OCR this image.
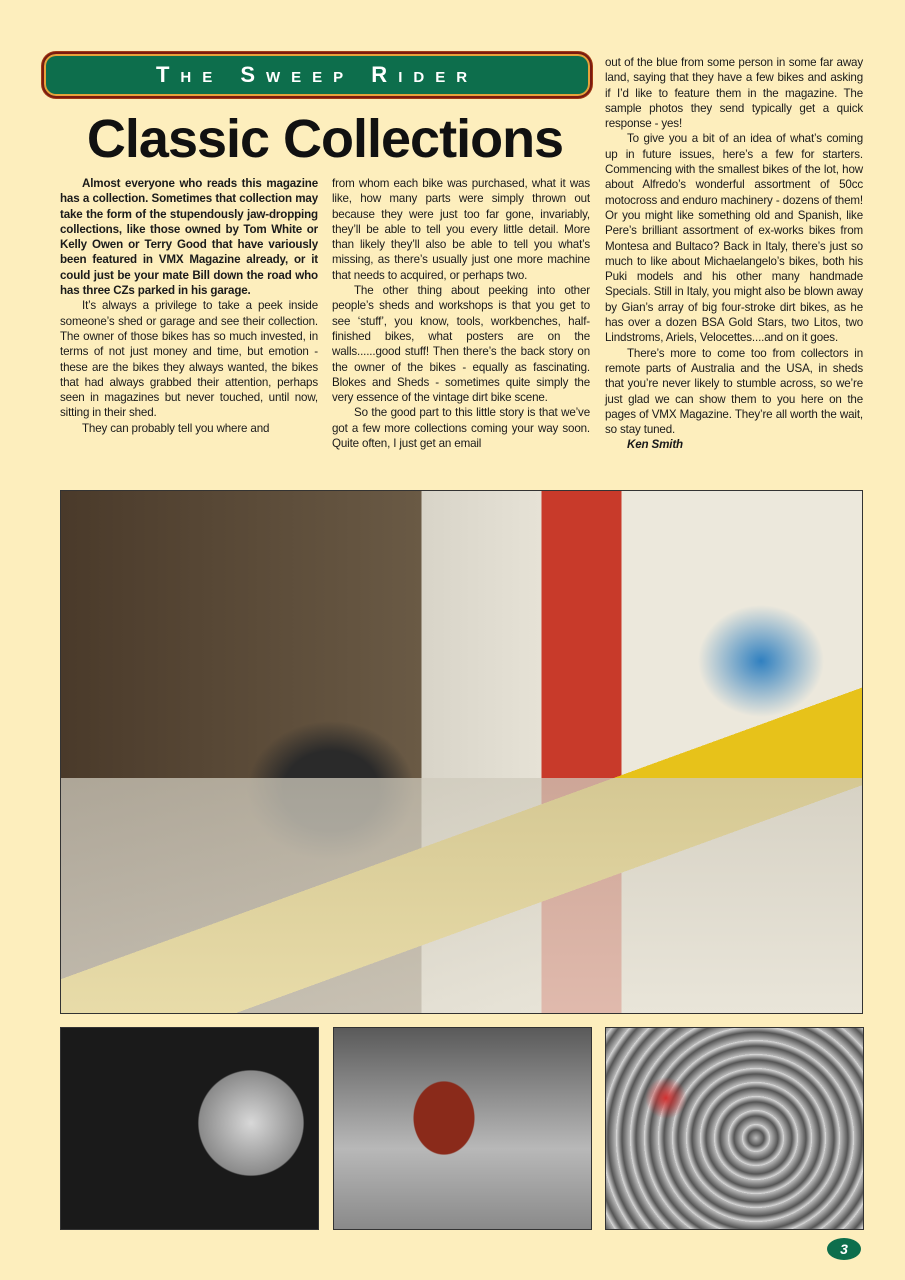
The Sweep Rider
Classic Collections

Almost everyone who reads this magazine has a collection. Sometimes that collection may take the form of the stupendously jaw-dropping collections, like those owned by Tom White or Kelly Owen or Terry Good that have variously been featured in VMX Magazine already, or it could just be your mate Bill down the road who has three CZs parked in his garage.

It’s always a privilege to take a peek inside someone’s shed or garage and see their collection. The owner of those bikes has so much invested, in terms of not just money and time, but emotion - these are the bikes they always wanted, the bikes that had always grabbed their attention, perhaps seen in magazines but never touched, until now, sitting in their shed.

They can probably tell you where and

from whom each bike was purchased, what it was like, how many parts were simply thrown out because they were just too far gone, invariably, they’ll be able to tell you every little detail. More than likely they’ll also be able to tell you what’s missing, as there’s usually just one more machine that needs to acquired, or perhaps two.

The other thing about peeking into other people’s sheds and workshops is that you get to see ‘stuff’, you know, tools, workbenches, half-finished bikes, what posters are on the walls......good stuff! Then there’s the back story on the owner of the bikes - equally as fascinating. Blokes and Sheds - sometimes quite simply the very essence of the vintage dirt bike scene.

So the good part to this little story is that we’ve got a few more collections coming your way soon. Quite often, I just get an email

out of the blue from some person in some far away land, saying that they have a few bikes and asking if I’d like to feature them in the magazine. The sample photos they send typically get a quick response - yes!

To give you a bit of an idea of what’s coming up in future issues, here’s a few for starters. Commencing with the smallest bikes of the lot, how about Alfredo’s wonderful assortment of 50cc motocross and enduro machinery - dozens of them! Or you might like something old and Spanish, like Pere’s brilliant assortment of ex-works bikes from Montesa and Bultaco? Back in Italy, there’s just so much to like about Michaelangelo’s bikes, both his Puki models and his other many handmade Specials. Still in Italy, you might also be blown away by Gian’s array of big four-stroke dirt bikes, as he has over a dozen BSA Gold Stars, two Litos, two Lindstroms, Ariels, Velocettes....and on it goes.

There’s more to come too from collectors in remote parts of Australia and the USA, in sheds that you’re never likely to stumble across, so we’re just glad we can show them to you here on the pages of VMX Magazine. They’re all worth the wait, so stay tuned.

Ken Smith

3
